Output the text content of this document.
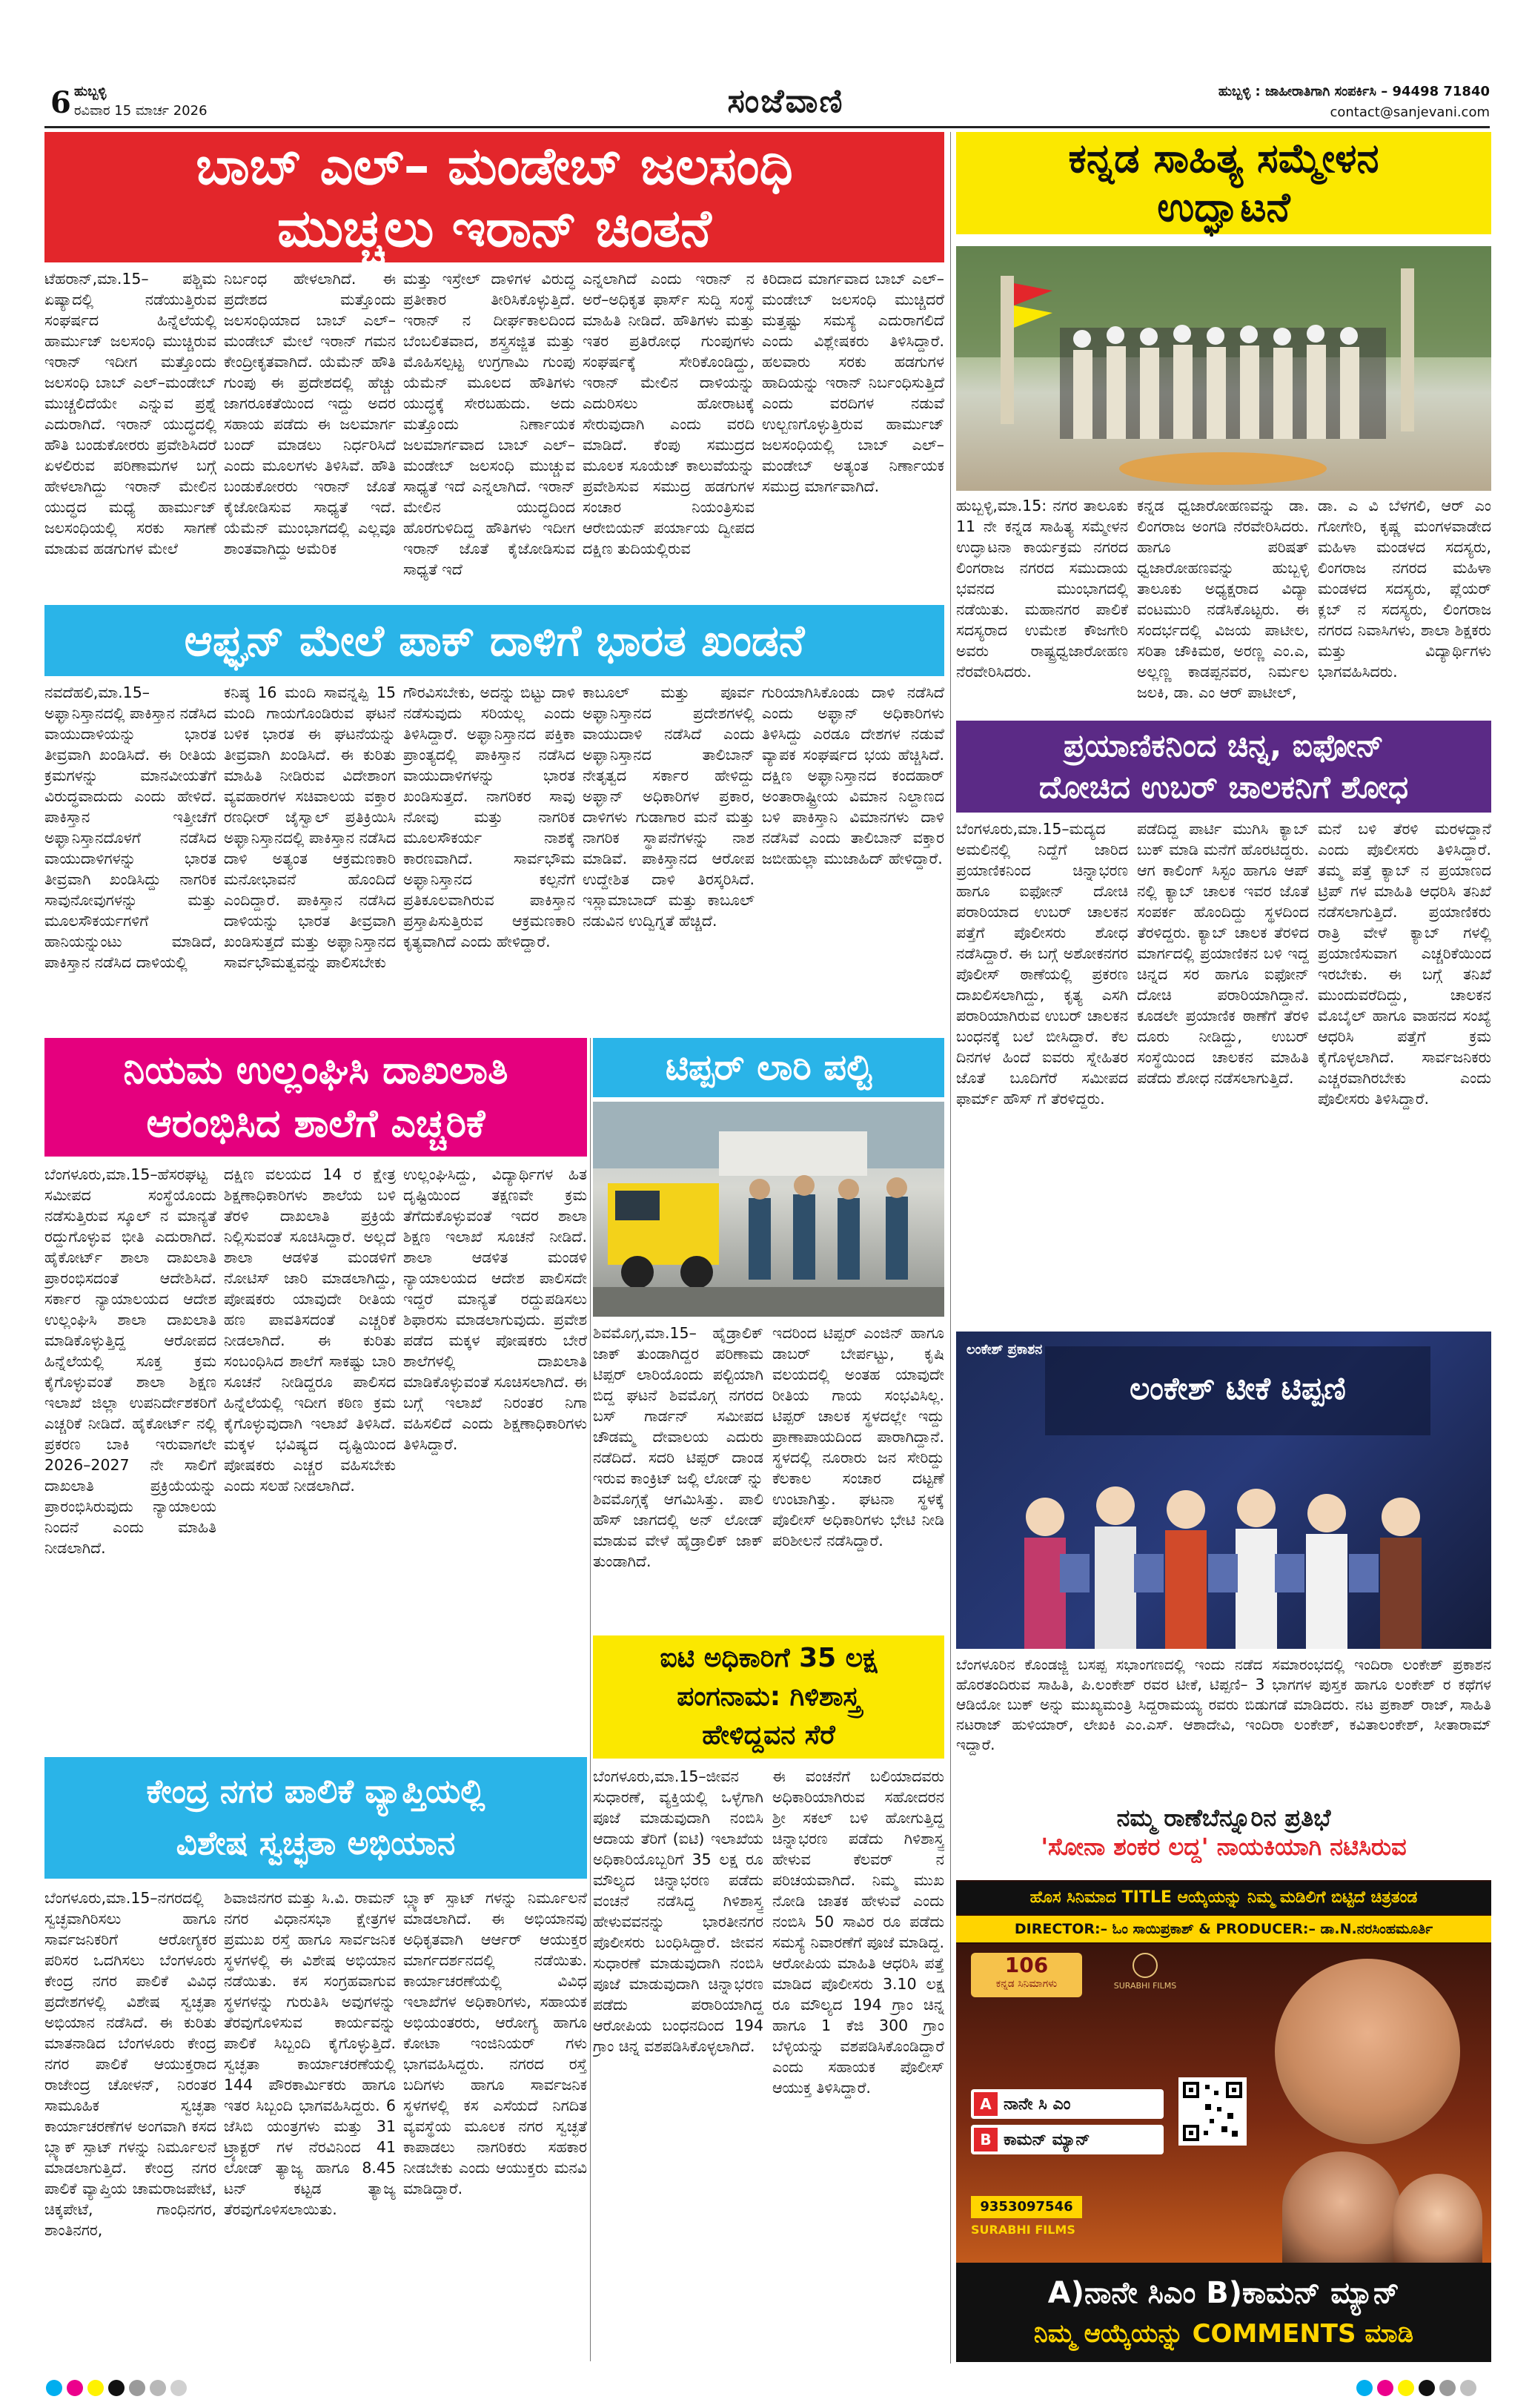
6 ಹುಬ್ಬಳ್ಳಿ
ರವಿವಾರ 15 ಮಾರ್ಚ 2026	ಸಂಜೆವಾಣಿ	ಹುಬ್ಬಳ್ಳಿ : ಜಾಹೀರಾತಿಗಾಗಿ ಸಂಪರ್ಕಿಸಿ – 94498 71840
contact@sanjevani.com
ಬಾಬ್ ಎಲ್– ಮಂಡೇಬ್ ಜಲಸಂಧಿ
ಮುಚ್ಚಲು ಇರಾನ್ ಚಿಂತನೆ
ಟೆಹರಾನ್,ಮಾ.15– ಪಶ್ಚಿಮ ಏಷ್ಯಾದಲ್ಲಿ ನಡೆಯುತ್ತಿರುವ ಸಂಘರ್ಷದ ಹಿನ್ನೆಲೆಯಲ್ಲಿ ಹಾರ್ಮುಜ್ ಜಲಸಂಧಿ ಮುಚ್ಚಿರುವ ಇರಾನ್ ಇದೀಗ ಮತ್ತೊಂದು ಜಲಸಂಧಿ ಬಾಬ್ ಎಲ್–ಮಂಡೇಬ್ ಮುಚ್ಚಲಿದೆಯೇ ಎನ್ನುವ ಪ್ರಶ್ನೆ ಎದುರಾಗಿದೆ. ಇರಾನ್ ಯುದ್ಧದಲ್ಲಿ ಹೌತಿ ಬಂಡುಕೋರರು ಪ್ರವೇಶಿಸಿದರೆ ಏಳಲಿರುವ ಪರಿಣಾಮಗಳ ಬಗ್ಗೆ ಹೇಳಲಾಗಿದ್ದು ಇರಾನ್ ಮೇಲಿನ ಯುದ್ಧದ ಮಧ್ಯೆ ಹಾರ್ಮುಜ್ ಜಲಸಂಧಿಯಲ್ಲಿ ಸರಕು ಸಾಗಣೆ ಮಾಡುವ ಹಡಗುಗಳ ಮೇಲೆ
ನಿರ್ಬಂಧ ಹೇಳಲಾಗಿದೆ. ಈ ಪ್ರದೇಶದ ಮತ್ತೊಂದು ಜಲಸಂಧಿಯಾದ ಬಾಬ್ ಎಲ್–ಮಂಡೇಬ್ ಮೇಲೆ ಇರಾನ್ ಗಮನ ಕೇಂದ್ರೀಕೃತವಾಗಿದೆ. ಯೆಮೆನ್ ಹೌತಿ ಗುಂಪು ಈ ಪ್ರದೇಶದಲ್ಲಿ ಹೆಚ್ಚು ಜಾಗರೂಕತೆಯಿಂದ ಇದ್ದು ಅದರ ಸಹಾಯ ಪಡೆದು ಈ ಜಲಮಾರ್ಗ ಬಂದ್ ಮಾಡಲು ನಿರ್ಧರಿಸಿದೆ ಎಂದು ಮೂಲಗಳು ತಿಳಿಸಿವೆ. ಹೌತಿ ಬಂಡುಕೋರರು ಇರಾನ್ ಜೊತೆ ಕೈಜೋಡಿಸುವ ಸಾಧ್ಯತೆ ಇದೆ. ಯೆಮೆನ್ ಮುಂಭಾಗದಲ್ಲಿ ಎಲ್ಲವೂ ಶಾಂತವಾಗಿದ್ದು ಅಮೆರಿಕ
ಮತ್ತು ಇಸ್ರೇಲ್ ದಾಳಿಗಳ ವಿರುದ್ಧ ಪ್ರತೀಕಾರ ತೀರಿಸಿಕೊಳ್ಳುತ್ತಿದೆ. ಇರಾನ್ ನ ದೀರ್ಘಕಾಲದಿಂದ ಬೆಂಬಲಿತವಾದ, ಶಸ್ತ್ರಸಜ್ಜಿತ ಮತ್ತು ಮೊಹಿಸಲ್ಪಟ್ಟ ಉಗ್ರಗಾಮಿ ಗುಂಪು ಯೆಮೆನ್ ಮೂಲದ ಹೌತಿಗಳು ಯುದ್ಧಕ್ಕೆ ಸೇರಬಹುದು. ಅದು ಮತ್ತೊಂದು ನಿರ್ಣಾಯಕ ಜಲಮಾರ್ಗವಾದ ಬಾಬ್ ಎಲ್–ಮಂಡೇಬ್ ಜಲಸಂಧಿ ಮುಚ್ಚುವ ಸಾಧ್ಯತೆ ಇದೆ ಎನ್ನಲಾಗಿದೆ. ಇರಾನ್ ಮೇಲಿನ ಯುದ್ಧದಿಂದ ಹೊರಗುಳಿದಿದ್ದ ಹೌತಿಗಳು ಇದೀಗ ಇರಾನ್ ಜೊತೆ ಕೈಜೋಡಿಸುವ ಸಾಧ್ಯತೆ ಇದೆ
ಎನ್ನಲಾಗಿದೆ ಎಂದು ಇರಾನ್ ನ ಅರೆ–ಅಧಿಕೃತ ಫಾರ್ಸ್ ಸುದ್ದಿ ಸಂಸ್ಥೆ ಮಾಹಿತಿ ನೀಡಿದೆ. ಹೌತಿಗಳು ಮತ್ತು ಇತರ ಪ್ರತಿರೋಧ ಗುಂಪುಗಳು ಸಂಘರ್ಷಕ್ಕೆ ಸೇರಿಕೊಂಡಿದ್ದು, ಇರಾನ್ ಮೇಲಿನ ದಾಳಿಯನ್ನು ಎದುರಿಸಲು ಹೋರಾಟಕ್ಕೆ ಸೇರುವುದಾಗಿ ಎಂದು ವರದಿ ಮಾಡಿದೆ. ಕೆಂಪು ಸಮುದ್ರದ ಮೂಲಕ ಸೂಯೆಜ್ ಕಾಲುವೆಯನ್ನು ಪ್ರವೇಶಿಸುವ ಸಮುದ್ರ ಹಡಗುಗಳ ಸಂಚಾರ ನಿಯಂತ್ರಿಸುವ ಆರೇಬಿಯನ್ ಪರ್ಯಾಯ ದ್ವೀಪದ ದಕ್ಷಿಣ ತುದಿಯಲ್ಲಿರುವ
ಕಿರಿದಾದ ಮಾರ್ಗವಾದ ಬಾಬ್ ಎಲ್–ಮಂಡೇಬ್ ಜಲಸಂಧಿ ಮುಚ್ಚಿದರೆ ಮತ್ತಷ್ಟು ಸಮಸ್ಯೆ ಎದುರಾಗಲಿದೆ ಎಂದು ವಿಶ್ಲೇಷಕರು ತಿಳಿಸಿದ್ದಾರೆ. ಹಲವಾರು ಸರಕು ಹಡಗುಗಳ ಹಾದಿಯನ್ನು ಇರಾನ್ ನಿರ್ಬಂಧಿಸುತ್ತಿದೆ ಎಂದು ವರದಿಗಳ ನಡುವೆ ಉಲ್ಬಣಗೊಳ್ಳುತ್ತಿರುವ ಹಾರ್ಮುಜ್ ಜಲಸಂಧಿಯಲ್ಲಿ ಬಾಬ್ ಎಲ್–ಮಂಡೇಬ್ ಅತ್ಯಂತ ನಿರ್ಣಾಯಕ ಸಮುದ್ರ ಮಾರ್ಗವಾಗಿದೆ.
ಕನ್ನಡ ಸಾಹಿತ್ಯ ಸಮ್ಮೇಳನ
ಉದ್ಘಾಟನೆ
ಹುಬ್ಬಳ್ಳಿ,ಮಾ.15: ನಗರ ತಾಲೂಕು 11 ನೇ ಕನ್ನಡ ಸಾಹಿತ್ಯ ಸಮ್ಮೇಳನ ಉದ್ಘಾಟನಾ ಕಾರ್ಯಕ್ರಮ ನಗರದ ಲಿಂಗರಾಜ ನಗರದ ಸಮುದಾಯ ಭವನದ ಮುಂಭಾಗದಲ್ಲಿ ನಡೆಯಿತು. ಮಹಾನಗರ ಪಾಲಿಕೆ ಸದಸ್ಯರಾದ ಉಮೇಶ ಕೌಜಗೇರಿ ಅವರು ರಾಷ್ಟ್ರಧ್ವಜಾರೋಹಣ ನೆರವೇರಿಸಿದರು.
ಕನ್ನಡ ಧ್ವಜಾರೋಹಣವನ್ನು ಡಾ. ಲಿಂಗರಾಜ ಅಂಗಡಿ ನೆರವೇರಿಸಿದರು. ಹಾಗೂ ಪರಿಷತ್ ಧ್ವಜಾರೋಹಣವನ್ನು ಹುಬ್ಬಳ್ಳಿ ತಾಲೂಕು ಅಧ್ಯಕ್ಷರಾದ ವಿದ್ಯಾ ವಂಟಮುರಿ ನಡೆಸಿಕೊಟ್ಟರು. ಈ ಸಂದರ್ಭದಲ್ಲಿ ವಿಜಯ ಪಾಟೀಲ, ಸರಿತಾ ಚೌಕಿಮಠ, ಅರಣ್ಣ ಎಂ.ಎ, ಅಲ್ಲಣ್ಣ ಕಾಡಪ್ಪನವರ, ನಿರ್ಮಲ ಜಲಕಿ, ಡಾ. ಎಂ ಆರ್ ಪಾಟೀಲ್,
ಡಾ. ಎ ವಿ ಬೆಳಗಲಿ, ಆರ್ ಎಂ ಗೋಗೇರಿ, ಕೃಷ್ಣ ಮಂಗಳವಾಡೇದ ಮಹಿಳಾ ಮಂಡಳದ ಸದಸ್ಯರು, ಲಿಂಗರಾಜ ನಗರದ ಮಹಿಳಾ ಮಂಡಳದ ಸದಸ್ಯರು, ಪ್ಲೆಯರ್ ಕ್ಲಬ್ ನ ಸದಸ್ಯರು, ಲಿಂಗರಾಜ ನಗರದ ನಿವಾಸಿಗಳು, ಶಾಲಾ ಶಿಕ್ಷಕರು ಮತ್ತು ವಿದ್ಯಾರ್ಥಿಗಳು ಭಾಗವಹಿಸಿದರು.
ಆಫ್ಘನ್ ಮೇಲೆ ಪಾಕ್ ದಾಳಿಗೆ ಭಾರತ ಖಂಡನೆ
ನವದೆಹಲಿ,ಮಾ.15– ಅಫ್ಘಾನಿಸ್ತಾನದಲ್ಲಿ ಪಾಕಿಸ್ತಾನ ನಡೆಸಿದ ವಾಯುದಾಳಿಯನ್ನು ಭಾರತ ತೀವ್ರವಾಗಿ ಖಂಡಿಸಿದೆ. ಈ ರೀತಿಯ ಕ್ರಮಗಳನ್ನು ಮಾನವೀಯತೆಗೆ ವಿರುದ್ಧವಾದುದು ಎಂದು ಹೇಳಿದೆ. ಪಾಕಿಸ್ತಾನ ಇತ್ತೀಚೆಗೆ ಅಫ್ಘಾನಿಸ್ತಾನದೊಳಗೆ ನಡೆಸಿದ ವಾಯುದಾಳಿಗಳನ್ನು ಭಾರತ ತೀವ್ರವಾಗಿ ಖಂಡಿಸಿದ್ದು ನಾಗರಿಕ ಸಾವುನೋವುಗಳನ್ನು ಮತ್ತು ಮೂಲಸೌಕರ್ಯಗಳಿಗೆ ಹಾನಿಯನ್ನುಂಟು ಮಾಡಿದೆ, ಪಾಕಿಸ್ತಾನ ನಡೆಸಿದ ದಾಳಿಯಲ್ಲಿ
ಕನಿಷ್ಠ 16 ಮಂದಿ ಸಾವನ್ನಪ್ಪಿ 15 ಮಂದಿ ಗಾಯಗೊಂಡಿರುವ ಘಟನೆ ಬಳಿಕ ಭಾರತ ಈ ಘಟನೆಯನ್ನು ತೀವ್ರವಾಗಿ ಖಂಡಿಸಿದೆ. ಈ ಕುರಿತು ಮಾಹಿತಿ ನೀಡಿರುವ ವಿದೇಶಾಂಗ ವ್ಯವಹಾರಗಳ ಸಚಿವಾಲಯ ವಕ್ತಾರ ರಣಧೀರ್ ಜೈಸ್ವಾಲ್ ಪ್ರತಿಕ್ರಿಯಿಸಿ ಅಫ್ಘಾನಿಸ್ತಾನದಲ್ಲಿ ಪಾಕಿಸ್ತಾನ ನಡೆಸಿದ ದಾಳಿ ಅತ್ಯಂತ ಆಕ್ರಮಣಕಾರಿ ಮನೋಭಾವನೆ ಹೊಂದಿದೆ ಎಂದಿದ್ದಾರೆ. ಪಾಕಿಸ್ತಾನ ನಡೆಸಿದ ದಾಳಿಯನ್ನು ಭಾರತ ತೀವ್ರವಾಗಿ ಖಂಡಿಸುತ್ತದೆ ಮತ್ತು ಅಫ್ಘಾನಿಸ್ತಾನದ ಸಾರ್ವಭೌಮತ್ವವನ್ನು ಪಾಲಿಸಬೇಕು
ಗೌರವಿಸಬೇಕು, ಅದನ್ನು ಬಿಟ್ಟು ದಾಳಿ ನಡೆಸುವುದು ಸರಿಯಲ್ಲ ಎಂದು ತಿಳಿಸಿದ್ದಾರೆ. ಅಫ್ಘಾನಿಸ್ತಾನದ ಪಕ್ತಿಕಾ ಪ್ರಾಂತ್ಯದಲ್ಲಿ ಪಾಕಿಸ್ತಾನ ನಡೆಸಿದ ವಾಯುದಾಳಿಗಳನ್ನು ಭಾರತ ಖಂಡಿಸುತ್ತದೆ. ನಾಗರಿಕರ ಸಾವು ನೋವು ಮತ್ತು ನಾಗರಿಕ ಮೂಲಸೌಕರ್ಯ ನಾಶಕ್ಕೆ ಕಾರಣವಾಗಿದೆ. ಸಾರ್ವಭೌಮ ಅಫ್ಘಾನಿಸ್ತಾನದ ಕಲ್ಪನೆಗೆ ಪ್ರತಿಕೂಲವಾಗಿರುವ ಪಾಕಿಸ್ತಾನ ಪ್ರಸ್ತಾಪಿಸುತ್ತಿರುವ ಆಕ್ರಮಣಕಾರಿ ಕೃತ್ಯವಾಗಿದೆ ಎಂದು ಹೇಳಿದ್ದಾರೆ.
ಕಾಬೂಲ್ ಮತ್ತು ಪೂರ್ವ ಅಫ್ಘಾನಿಸ್ತಾನದ ಪ್ರದೇಶಗಳಲ್ಲಿ ವಾಯುದಾಳಿ ನಡೆಸಿದೆ ಎಂದು ಅಫ್ಘಾನಿಸ್ತಾನದ ತಾಲಿಬಾನ್ ನೇತೃತ್ವದ ಸರ್ಕಾರ ಹೇಳಿದ್ದು ಅಫ್ಘಾನ್ ಅಧಿಕಾರಿಗಳ ಪ್ರಕಾರ, ದಾಳಿಗಳು ಗುಡಾಗಾರ ಮನೆ ಮತ್ತು ನಾಗರಿಕ ಸ್ಥಾಪನೆಗಳನ್ನು ನಾಶ ಮಾಡಿವೆ. ಪಾಕಿಸ್ತಾನದ ಆರೋಪ ಉದ್ದೇಶಿತ ದಾಳಿ ತಿರಸ್ಕರಿಸಿದೆ. ಇಸ್ಲಾಮಾಬಾದ್ ಮತ್ತು ಕಾಬೂಲ್ ನಡುವಿನ ಉದ್ವಿಗ್ನತೆ ಹೆಚ್ಚಿದೆ.
ಗುರಿಯಾಗಿಸಿಕೊಂಡು ದಾಳಿ ನಡೆಸಿದೆ ಎಂದು ಅಫ್ಘಾನ್ ಅಧಿಕಾರಿಗಳು ತಿಳಿಸಿದ್ದು ಎರಡೂ ದೇಶಗಳ ನಡುವೆ ವ್ಯಾಪಕ ಸಂಘರ್ಷದ ಭಯ ಹೆಚ್ಚಿಸಿದೆ. ದಕ್ಷಿಣ ಅಫ್ಘಾನಿಸ್ತಾನದ ಕಂದಹಾರ್ ಅಂತಾರಾಷ್ಟ್ರೀಯ ವಿಮಾನ ನಿಲ್ದಾಣದ ಬಳಿ ಪಾಕಿಸ್ತಾನಿ ವಿಮಾನಗಳು ದಾಳಿ ನಡೆಸಿವೆ ಎಂದು ತಾಲಿಬಾನ್ ವಕ್ತಾರ ಜಬೀಹುಲ್ಲಾ ಮುಜಾಹಿದ್ ಹೇಳಿದ್ದಾರೆ.
ಪ್ರಯಾಣಿಕನಿಂದ ಚಿನ್ನ, ಐಫೋನ್
ದೋಚಿದ ಉಬರ್ ಚಾಲಕನಿಗೆ ಶೋಧ
ಬೆಂಗಳೂರು,ಮಾ.15–ಮದ್ಯದ ಅಮಲಿನಲ್ಲಿ ನಿದ್ದೆಗೆ ಜಾರಿದ ಪ್ರಯಾಣಿಕನಿಂದ ಚಿನ್ನಾಭರಣ ಹಾಗೂ ಐಫೋನ್ ದೋಚಿ ಪರಾರಿಯಾದ ಉಬರ್ ಚಾಲಕನ ಪತ್ತೆಗೆ ಪೊಲೀಸರು ಶೋಧ ನಡೆಸಿದ್ದಾರೆ. ಈ ಬಗ್ಗೆ ಅಶೋಕನಗರ ಪೊಲೀಸ್ ಠಾಣೆಯಲ್ಲಿ ಪ್ರಕರಣ ದಾಖಲಿಸಲಾಗಿದ್ದು, ಕೃತ್ಯ ಎಸಗಿ ಪರಾರಿಯಾಗಿರುವ ಉಬರ್ ಚಾಲಕನ ಬಂಧನಕ್ಕೆ ಬಲೆ ಬೀಸಿದ್ದಾರೆ. ಕೆಲ ದಿನಗಳ ಹಿಂದೆ ಐವರು ಸ್ನೇಹಿತರ ಜೊತೆ ಬೂದಿಗೆರೆ ಸಮೀಪದ ಫಾರ್ಮ್ ಹೌಸ್ ಗೆ ತೆರಳಿದ್ದರು.
ಪಡೆದಿದ್ದ ಪಾರ್ಟಿ ಮುಗಿಸಿ ಕ್ಯಾಬ್ ಬುಕ್ ಮಾಡಿ ಮನೆಗೆ ಹೊರಟಿದ್ದರು. ಆಗ ಕಾಲಿಂಗ್ ಸಿಸ್ಟಂ ಹಾಗೂ ಆಪ್ ನಲ್ಲಿ ಕ್ಯಾಬ್ ಚಾಲಕ ಇವರ ಜೊತೆ ಸಂಪರ್ಕ ಹೊಂದಿದ್ದು ಸ್ಥಳದಿಂದ ತೆರಳಿದ್ದರು. ಕ್ಯಾಬ್ ಚಾಲಕ ತೆರಳಿದ ಮಾರ್ಗದಲ್ಲಿ ಪ್ರಯಾಣಿಕನ ಬಳಿ ಇದ್ದ ಚಿನ್ನದ ಸರ ಹಾಗೂ ಐಫೋನ್ ದೋಚಿ ಪರಾರಿಯಾಗಿದ್ದಾನೆ. ಕೂಡಲೇ ಪ್ರಯಾಣಿಕ ಠಾಣೆಗೆ ತೆರಳಿ ದೂರು ನೀಡಿದ್ದು, ಉಬರ್ ಸಂಸ್ಥೆಯಿಂದ ಚಾಲಕನ ಮಾಹಿತಿ ಪಡೆದು ಶೋಧ ನಡೆಸಲಾಗುತ್ತಿದೆ.
ಮನೆ ಬಳಿ ತೆರಳಿ ಮರಳದ್ದಾನೆ ಎಂದು ಪೊಲೀಸರು ತಿಳಿಸಿದ್ದಾರೆ. ತಮ್ಮ ಪತ್ತೆ ಕ್ಯಾಬ್ ನ ಪ್ರಯಾಣದ ಟ್ರಿಪ್ ಗಳ ಮಾಹಿತಿ ಆಧರಿಸಿ ತನಿಖೆ ನಡೆಸಲಾಗುತ್ತಿದೆ. ಪ್ರಯಾಣಿಕರು ರಾತ್ರಿ ವೇಳೆ ಕ್ಯಾಬ್ ಗಳಲ್ಲಿ ಪ್ರಯಾಣಿಸುವಾಗ ಎಚ್ಚರಿಕೆಯಿಂದ ಇರಬೇಕು. ಈ ಬಗ್ಗೆ ತನಿಖೆ ಮುಂದುವರೆದಿದ್ದು, ಚಾಲಕನ ಮೊಬೈಲ್ ಹಾಗೂ ವಾಹನದ ಸಂಖ್ಯೆ ಆಧರಿಸಿ ಪತ್ತೆಗೆ ಕ್ರಮ ಕೈಗೊಳ್ಳಲಾಗಿದೆ. ಸಾರ್ವಜನಿಕರು ಎಚ್ಚರವಾಗಿರಬೇಕು ಎಂದು ಪೊಲೀಸರು ತಿಳಿಸಿದ್ದಾರೆ.
ನಿಯಮ ಉಲ್ಲಂಘಿಸಿ ದಾಖಲಾತಿ
ಆರಂಭಿಸಿದ ಶಾಲೆಗೆ ಎಚ್ಚರಿಕೆ
ಬೆಂಗಳೂರು,ಮಾ.15–ಹೆಸರಘಟ್ಟ ಸಮೀಪದ ಸಂಸ್ಥೆಯೊಂದು ನಡೆಸುತ್ತಿರುವ ಸ್ಕೂಲ್ ನ ಮಾನ್ಯತೆ ರದ್ದುಗೊಳ್ಳುವ ಭೀತಿ ಎದುರಾಗಿದೆ. ಹೈಕೋರ್ಟ್ ಶಾಲಾ ದಾಖಲಾತಿ ಪ್ರಾರಂಭಿಸದಂತೆ ಆದೇಶಿಸಿದೆ. ಸರ್ಕಾರ ನ್ಯಾಯಾಲಯದ ಆದೇಶ ಉಲ್ಲಂಘಿಸಿ ಶಾಲಾ ದಾಖಲಾತಿ ಮಾಡಿಕೊಳ್ಳುತ್ತಿದ್ದ ಆರೋಪದ ಹಿನ್ನೆಲೆಯಲ್ಲಿ ಸೂಕ್ತ ಕ್ರಮ ಕೈಗೊಳ್ಳುವಂತೆ ಶಾಲಾ ಶಿಕ್ಷಣ ಇಲಾಖೆ ಜಿಲ್ಲಾ ಉಪನಿರ್ದೇಶಕರಿಗೆ ಎಚ್ಚರಿಕೆ ನೀಡಿದೆ. ಹೈಕೋರ್ಟ್ ನಲ್ಲಿ ಪ್ರಕರಣ ಬಾಕಿ ಇರುವಾಗಲೇ 2026–2027 ನೇ ಸಾಲಿಗೆ ದಾಖಲಾತಿ ಪ್ರಕ್ರಿಯೆಯನ್ನು ಪ್ರಾರಂಭಿಸಿರುವುದು ನ್ಯಾಯಾಲಯ ನಿಂದನೆ ಎಂದು ಮಾಹಿತಿ ನೀಡಲಾಗಿದೆ.
ದಕ್ಷಿಣ ವಲಯದ 14 ರ ಕ್ಷೇತ್ರ ಶಿಕ್ಷಣಾಧಿಕಾರಿಗಳು ಶಾಲೆಯ ಬಳಿ ತೆರಳಿ ದಾಖಲಾತಿ ಪ್ರಕ್ರಿಯೆ ನಿಲ್ಲಿಸುವಂತೆ ಸೂಚಿಸಿದ್ದಾರೆ. ಅಲ್ಲದೆ ಶಾಲಾ ಆಡಳಿತ ಮಂಡಳಿಗೆ ನೋಟಿಸ್ ಜಾರಿ ಮಾಡಲಾಗಿದ್ದು, ಪೋಷಕರು ಯಾವುದೇ ರೀತಿಯ ಹಣ ಪಾವತಿಸದಂತೆ ಎಚ್ಚರಿಕೆ ನೀಡಲಾಗಿದೆ. ಈ ಕುರಿತು ಸಂಬಂಧಿಸಿದ ಶಾಲೆಗೆ ಸಾಕಷ್ಟು ಬಾರಿ ಸೂಚನೆ ನೀಡಿದ್ದರೂ ಪಾಲಿಸದ ಹಿನ್ನೆಲೆಯಲ್ಲಿ ಇದೀಗ ಕಠಿಣ ಕ್ರಮ ಕೈಗೊಳ್ಳುವುದಾಗಿ ಇಲಾಖೆ ತಿಳಿಸಿದೆ. ಮಕ್ಕಳ ಭವಿಷ್ಯದ ದೃಷ್ಟಿಯಿಂದ ಪೋಷಕರು ಎಚ್ಚರ ವಹಿಸಬೇಕು ಎಂದು ಸಲಹೆ ನೀಡಲಾಗಿದೆ.
ಉಲ್ಲಂಘಿಸಿದ್ದು, ವಿದ್ಯಾರ್ಥಿಗಳ ಹಿತ ದೃಷ್ಟಿಯಿಂದ ತಕ್ಷಣವೇ ಕ್ರಮ ತೆಗೆದುಕೊಳ್ಳುವಂತೆ ಇದರ ಶಾಲಾ ಶಿಕ್ಷಣ ಇಲಾಖೆ ಸೂಚನೆ ನೀಡಿದೆ. ಶಾಲಾ ಆಡಳಿತ ಮಂಡಳಿ ನ್ಯಾಯಾಲಯದ ಆದೇಶ ಪಾಲಿಸದೇ ಇದ್ದರೆ ಮಾನ್ಯತೆ ರದ್ದುಪಡಿಸಲು ಶಿಫಾರಸು ಮಾಡಲಾಗುವುದು. ಪ್ರವೇಶ ಪಡೆದ ಮಕ್ಕಳ ಪೋಷಕರು ಬೇರೆ ಶಾಲೆಗಳಲ್ಲಿ ದಾಖಲಾತಿ ಮಾಡಿಕೊಳ್ಳುವಂತೆ ಸೂಚಿಸಲಾಗಿದೆ. ಈ ಬಗ್ಗೆ ಇಲಾಖೆ ನಿರಂತರ ನಿಗಾ ವಹಿಸಲಿದೆ ಎಂದು ಶಿಕ್ಷಣಾಧಿಕಾರಿಗಳು ತಿಳಿಸಿದ್ದಾರೆ.
ಟಿಪ್ಪರ್ ಲಾರಿ ಪಲ್ಟಿ
ಶಿವಮೊಗ್ಗ,ಮಾ.15– ಹೈಡ್ರಾಲಿಕ್ ಜಾಕ್ ತುಂಡಾಗಿದ್ದರ ಪರಿಣಾಮ ಟಿಪ್ಪರ್ ಲಾರಿಯೊಂದು ಪಲ್ಟಿಯಾಗಿ ಬಿದ್ದ ಘಟನೆ ಶಿವಮೊಗ್ಗ ನಗರದ ಬಸ್ ಗಾರ್ಡನ್ ಸಮೀಪದ ಚೌಡಮ್ಮ ದೇವಾಲಯ ಎದುರು ನಡೆದಿದೆ. ಸದರಿ ಟಿಪ್ಪರ್ ದಾಂಡ ಇರುವ ಕಾಂಕ್ರಿಟ್ ಜಲ್ಲಿ ಲೋಡ್ ನ್ನು ಶಿವಮೊಗ್ಗಕ್ಕೆ ಆಗಮಿಸಿತ್ತು. ಪಾಲಿ ಹೌಸ್ ಜಾಗದಲ್ಲಿ ಅನ್ ಲೋಡ್ ಮಾಡುವ ವೇಳೆ ಹೈಡ್ರಾಲಿಕ್ ಜಾಕ್ ತುಂಡಾಗಿದೆ.
ಇದರಿಂದ ಟಿಪ್ಪರ್ ಎಂಜಿನ್ ಹಾಗೂ ಡಾಬರ್ ಬೇರ್ಪಟ್ಟು, ಕೃಷಿ ವಲಯದಲ್ಲಿ ಅಂತಹ ಯಾವುದೇ ರೀತಿಯ ಗಾಯ ಸಂಭವಿಸಿಲ್ಲ. ಟಿಪ್ಪರ್ ಚಾಲಕ ಸ್ಥಳದಲ್ಲೇ ಇದ್ದು ಪ್ರಾಣಾಪಾಯದಿಂದ ಪಾರಾಗಿದ್ದಾನೆ. ಸ್ಥಳದಲ್ಲಿ ನೂರಾರು ಜನ ಸೇರಿದ್ದು ಕೆಲಕಾಲ ಸಂಚಾರ ದಟ್ಟಣೆ ಉಂಟಾಗಿತ್ತು. ಘಟನಾ ಸ್ಥಳಕ್ಕೆ ಪೊಲೀಸ್ ಅಧಿಕಾರಿಗಳು ಭೇಟಿ ನೀಡಿ ಪರಿಶೀಲನೆ ನಡೆಸಿದ್ದಾರೆ.
ಲಂಕೇಶ್ ಪ್ರಕಾಶನ
ಲಂಕೇಶ್ ಟೀಕೆ ಟಿಪ್ಪಣಿ
ಬೆಂಗಳೂರಿನ ಕೊಂಡಜ್ಜಿ ಬಸಪ್ಪ ಸಭಾಂಗಣದಲ್ಲಿ ಇಂದು ನಡೆದ ಸಮಾರಂಭದಲ್ಲಿ ಇಂದಿರಾ ಲಂಕೇಶ್ ಪ್ರಕಾಶನ ಹೊರತಂದಿರುವ ಸಾಹಿತಿ, ಪಿ.ಲಂಕೇಶ್ ರವರ ಟೀಕೆ, ಟಿಪ್ಪಣಿ– 3 ಭಾಗಗಳ ಪುಸ್ತಕ ಹಾಗೂ ಲಂಕೇಶ್ ರ ಕಥೆಗಳ ಆಡಿಯೋ ಬುಕ್ ಅನ್ನು ಮುಖ್ಯಮಂತ್ರಿ ಸಿದ್ದರಾಮಯ್ಯ ರವರು ಬಿಡುಗಡೆ ಮಾಡಿದರು. ನಟ ಪ್ರಕಾಶ್ ರಾಜ್, ಸಾಹಿತಿ ನಟರಾಜ್ ಹುಳಿಯಾರ್, ಲೇಖಕಿ ಎಂ.ಎಸ್. ಆಶಾದೇವಿ, ಇಂದಿರಾ ಲಂಕೇಶ್, ಕವಿತಾಲಂಕೇಶ್, ಸೀತಾರಾಮ್ ಇದ್ದಾರೆ.
ಐಟಿ ಅಧಿಕಾರಿಗೆ 35 ಲಕ್ಷ
ಪಂಗನಾಮ: ಗಿಳಿಶಾಸ್ತ್ರ
ಹೇಳಿದ್ದವನ ಸೆರೆ
ಬೆಂಗಳೂರು,ಮಾ.15–ಜೀವನ ಸುಧಾರಣೆ, ವ್ಯಕ್ತಿಯಲ್ಲಿ ಒಳ್ಳೆಗಾಗಿ ಪೂಜೆ ಮಾಡುವುದಾಗಿ ನಂಬಿಸಿ ಆದಾಯ ತೆರಿಗೆ (ಐಟಿ) ಇಲಾಖೆಯ ಅಧಿಕಾರಿಯೊಬ್ಬರಿಗೆ 35 ಲಕ್ಷ ರೂ ಮೌಲ್ಯದ ಚಿನ್ನಾಭರಣ ಪಡೆದು ವಂಚನೆ ನಡೆಸಿದ್ದ ಗಿಳಿಶಾಸ್ತ್ರ ಹೇಳುವವನನ್ನು ಭಾರತೀನಗರ ಪೊಲೀಸರು ಬಂಧಿಸಿದ್ದಾರೆ. ಜೀವನ ಸುಧಾರಣೆ ಮಾಡುವುದಾಗಿ ನಂಬಿಸಿ ಪೂಜೆ ಮಾಡುವುದಾಗಿ ಚಿನ್ನಾಭರಣ ಪಡೆದು ಪರಾರಿಯಾಗಿದ್ದ ಆರೋಪಿಯ ಬಂಧನದಿಂದ 194 ಗ್ರಾಂ ಚಿನ್ನ ವಶಪಡಿಸಿಕೊಳ್ಳಲಾಗಿದೆ.
ಈ ವಂಚನೆಗೆ ಬಲಿಯಾದವರು ಅಧಿಕಾರಿಯಾಗಿರುವ ಸಹೋದರನ ಶ್ರೀ ಸಕಲ್ ಬಳಿ ಹೋಗುತ್ತಿದ್ದ ಚಿನ್ನಾಭರಣ ಪಡೆದು ಗಿಳಿಶಾಸ್ತ್ರ ಹೇಳುವ ಕೆಲವರ್ ನ ಪರಿಚಯವಾಗಿದೆ. ನಿಮ್ಮ ಮುಖ ನೋಡಿ ಜಾತಕ ಹೇಳುವೆ ಎಂದು ನಂಬಿಸಿ 50 ಸಾವಿರ ರೂ ಪಡೆದು ಸಮಸ್ಯೆ ನಿವಾರಣೆಗೆ ಪೂಜೆ ಮಾಡಿದ್ದ. ಆರೋಪಿಯ ಮಾಹಿತಿ ಆಧರಿಸಿ ಪತ್ತೆ ಮಾಡಿದ ಪೊಲೀಸರು 3.10 ಲಕ್ಷ ರೂ ಮೌಲ್ಯದ 194 ಗ್ರಾಂ ಚಿನ್ನ ಹಾಗೂ 1 ಕೆಜಿ 300 ಗ್ರಾಂ ಬೆಳ್ಳಿಯನ್ನು ವಶಪಡಿಸಿಕೊಂಡಿದ್ದಾರೆ ಎಂದು ಸಹಾಯಕ ಪೊಲೀಸ್ ಆಯುಕ್ತ ತಿಳಿಸಿದ್ದಾರೆ.
ಕೇಂದ್ರ ನಗರ ಪಾಲಿಕೆ ವ್ಯಾಪ್ತಿಯಲ್ಲಿ
ವಿಶೇಷ ಸ್ವಚ್ಛತಾ ಅಭಿಯಾನ
ಬೆಂಗಳೂರು,ಮಾ.15–ನಗರದಲ್ಲಿ ಸ್ವಚ್ಛವಾಗಿರಿಸಲು ಹಾಗೂ ಸಾರ್ವಜನಿಕರಿಗೆ ಆರೋಗ್ಯಕರ ಪರಿಸರ ಒದಗಿಸಲು ಬೆಂಗಳೂರು ಕೇಂದ್ರ ನಗರ ಪಾಲಿಕೆ ವಿವಿಧ ಪ್ರದೇಶಗಳಲ್ಲಿ ವಿಶೇಷ ಸ್ವಚ್ಛತಾ ಅಭಿಯಾನ ನಡೆಸಿದೆ. ಈ ಕುರಿತು ಮಾತನಾಡಿದ ಬೆಂಗಳೂರು ಕೇಂದ್ರ ನಗರ ಪಾಲಿಕೆ ಆಯುಕ್ತರಾದ ರಾಜೇಂದ್ರ ಚೋಳನ್, ನಿರಂತರ ಸಾಮೂಹಿಕ ಸ್ವಚ್ಛತಾ ಕಾರ್ಯಾಚರಣೆಗಳ ಅಂಗವಾಗಿ ಕಸದ ಬ್ಲ್ಯಾಕ್ ಸ್ಪಾಟ್ ಗಳನ್ನು ನಿರ್ಮೂಲನೆ ಮಾಡಲಾಗುತ್ತಿದೆ. ಕೇಂದ್ರ ನಗರ ಪಾಲಿಕೆ ವ್ಯಾಪ್ತಿಯ ಚಾಮರಾಜಪೇಟೆ, ಚಿಕ್ಕಪೇಟೆ, ಗಾಂಧಿನಗರ, ಶಾಂತಿನಗರ,
ಶಿವಾಜಿನಗರ ಮತ್ತು ಸಿ.ವಿ. ರಾಮನ್ ನಗರ ವಿಧಾನಸಭಾ ಕ್ಷೇತ್ರಗಳ ಪ್ರಮುಖ ರಸ್ತೆ ಹಾಗೂ ಸಾರ್ವಜನಿಕ ಸ್ಥಳಗಳಲ್ಲಿ ಈ ವಿಶೇಷ ಅಭಿಯಾನ ನಡೆಯಿತು. ಕಸ ಸಂಗ್ರಹವಾಗುವ ಸ್ಥಳಗಳನ್ನು ಗುರುತಿಸಿ ಅವುಗಳನ್ನು ತೆರವುಗೊಳಿಸುವ ಕಾರ್ಯವನ್ನು ಪಾಲಿಕೆ ಸಿಬ್ಬಂದಿ ಕೈಗೊಳ್ಳುತ್ತಿದೆ. ಸ್ವಚ್ಛತಾ ಕಾರ್ಯಾಚರಣೆಯಲ್ಲಿ 144 ಪೌರಕಾರ್ಮಿಕರು ಹಾಗೂ ಇತರ ಸಿಬ್ಬಂದಿ ಭಾಗವಹಿಸಿದ್ದರು. 6 ಜೆಸಿಬಿ ಯಂತ್ರಗಳು ಮತ್ತು 31 ಟ್ರ್ಯಾಕ್ಟರ್ ಗಳ ನೆರವಿನಿಂದ 41 ಲೋಡ್ ತ್ಯಾಜ್ಯ ಹಾಗೂ 8.45 ಟನ್ ಕಟ್ಟಡ ತ್ಯಾಜ್ಯ ತೆರವುಗೊಳಿಸಲಾಯಿತು.
ಬ್ಲ್ಯಾಕ್ ಸ್ಪಾಟ್ ಗಳನ್ನು ನಿರ್ಮೂಲನೆ ಮಾಡಲಾಗಿದೆ. ಈ ಅಭಿಯಾನವು ಅಧಿಕೃತವಾಗಿ ಆರ್ಆರ್ ಆಯುಕ್ತರ ಮಾರ್ಗದರ್ಶನದಲ್ಲಿ ನಡೆಯಿತು. ಕಾರ್ಯಾಚರಣೆಯಲ್ಲಿ ವಿವಿಧ ಇಲಾಖೆಗಳ ಅಧಿಕಾರಿಗಳು, ಸಹಾಯಕ ಅಭಿಯಂತರರು, ಆರೋಗ್ಯ ಹಾಗೂ ಕೋಟಾ ಇಂಜಿನಿಯರ್ ಗಳು ಭಾಗವಹಿಸಿದ್ದರು. ನಗರದ ರಸ್ತೆ ಬದಿಗಳು ಹಾಗೂ ಸಾರ್ವಜನಿಕ ಸ್ಥಳಗಳಲ್ಲಿ ಕಸ ಎಸೆಯದೆ ನಿಗದಿತ ವ್ಯವಸ್ಥೆಯ ಮೂಲಕ ನಗರ ಸ್ವಚ್ಛತೆ ಕಾಪಾಡಲು ನಾಗರಿಕರು ಸಹಕಾರ ನೀಡಬೇಕು ಎಂದು ಆಯುಕ್ತರು ಮನವಿ ಮಾಡಿದ್ದಾರೆ.
ನಮ್ಮ ರಾಣೆಬೆನ್ನೂರಿನ ಪ್ರತಿಭೆ
'ಸೋನಾ ಶಂಕರ ಲದ್ದ' ನಾಯಕಿಯಾಗಿ ನಟಿಸಿರುವ
ಹೊಸ ಸಿನಿಮಾದ TITLE ಆಯ್ಕೆಯನ್ನು ನಿಮ್ಮ ಮಡಿಲಿಗೆ ಬಿಟ್ಟಿದೆ ಚಿತ್ರತಂಡ
DIRECTOR:– ಓಂ ಸಾಯಿಪ್ರಕಾಶ್ & PRODUCER:– ಡಾ.N.ನರಸಿಂಹಮೂರ್ತಿ
106
ಕನ್ನಡ ಸಿನಿಮಾಗಳು	SURABHI FILMS
A ನಾನೇ ಸಿ ಎಂ
B ಕಾಮನ್ ಮ್ಯಾನ್
9353097546
SURABHI FILMS
A)ನಾನೇ ಸಿಎಂ B)ಕಾಮನ್ ಮ್ಯಾನ್
ನಿಮ್ಮ ಆಯ್ಕೆಯನ್ನು COMMENTS ಮಾಡಿ
